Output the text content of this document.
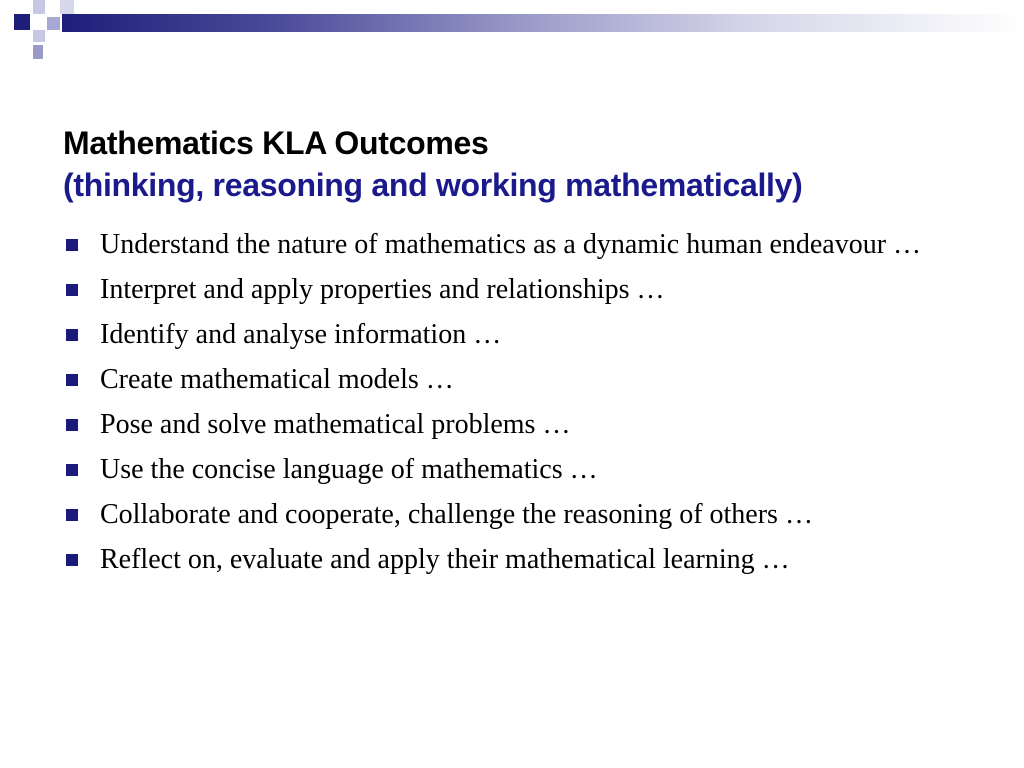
Mathematics KLA Outcomes
(thinking, reasoning and working mathematically)
Understand the nature of mathematics as a dynamic human endeavour …
Interpret and apply properties and relationships …
Identify and analyse information …
Create mathematical models …
Pose and solve mathematical problems …
Use the concise language of mathematics …
Collaborate and cooperate, challenge the reasoning of others …
Reflect on, evaluate and apply their mathematical learning …
